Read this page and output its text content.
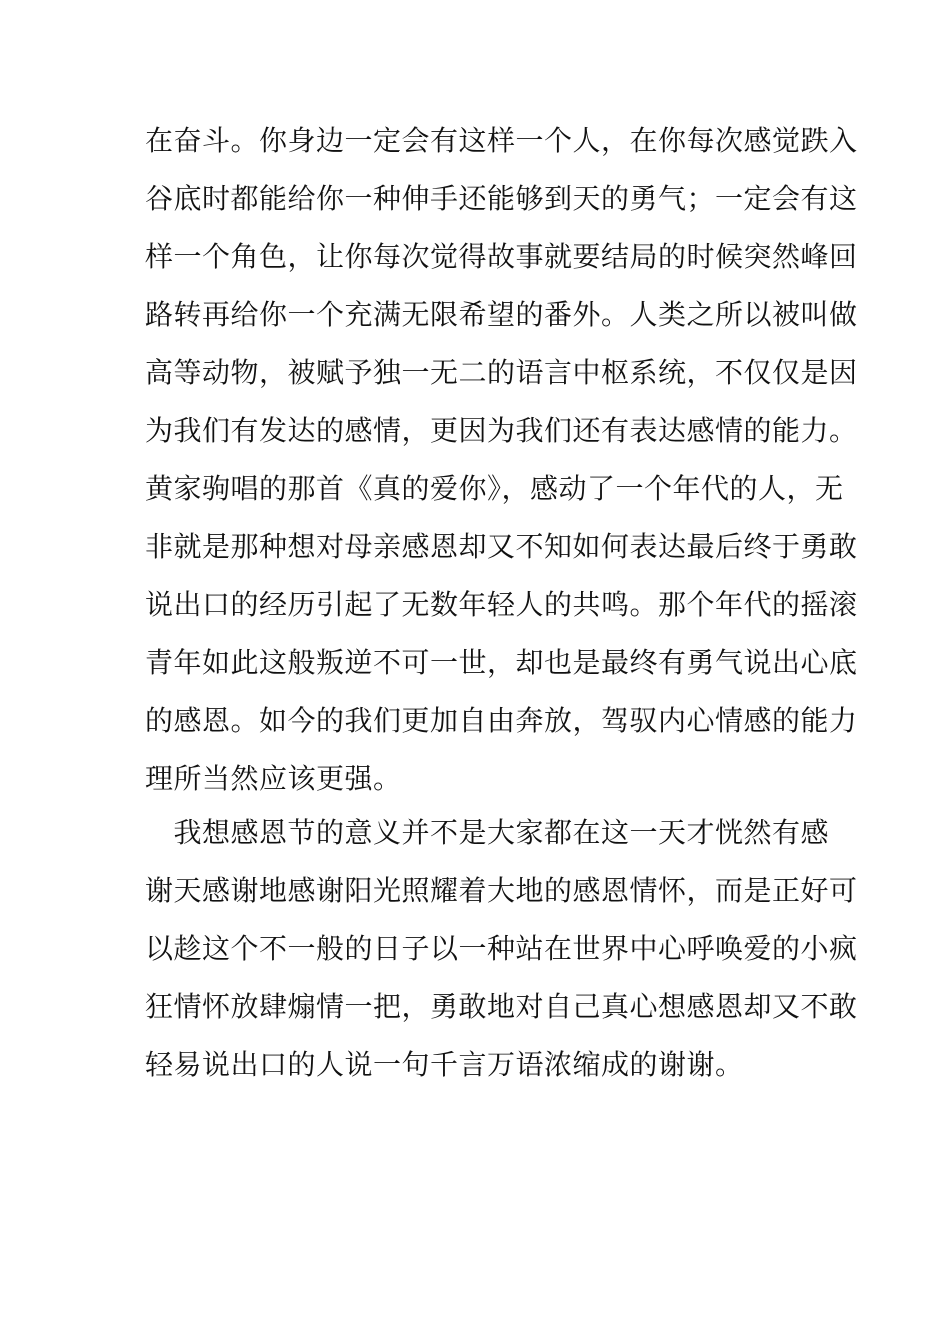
在奋斗。你身边一定会有这样一个人，在你每次感觉跌入
谷底时都能给你一种伸手还能够到天的勇气；一定会有这
样一个角色，让你每次觉得故事就要结局的时候突然峰回
路转再给你一个充满无限希望的番外。人类之所以被叫做
高等动物，被赋予独一无二的语言中枢系统，不仅仅是因
为我们有发达的感情，更因为我们还有表达感情的能力。
黄家驹唱的那首《真的爱你》，感动了一个年代的人，无
非就是那种想对母亲感恩却又不知如何表达最后终于勇敢
说出口的经历引起了无数年轻人的共鸣。那个年代的摇滚
青年如此这般叛逆不可一世，却也是最终有勇气说出心底
的感恩。如今的我们更加自由奔放，驾驭内心情感的能力
理所当然应该更强。
　我想感恩节的意义并不是大家都在这一天才恍然有感
谢天感谢地感谢阳光照耀着大地的感恩情怀，而是正好可
以趁这个不一般的日子以一种站在世界中心呼唤爱的小疯
狂情怀放肆煽情一把，勇敢地对自己真心想感恩却又不敢
轻易说出口的人说一句千言万语浓缩成的谢谢。
